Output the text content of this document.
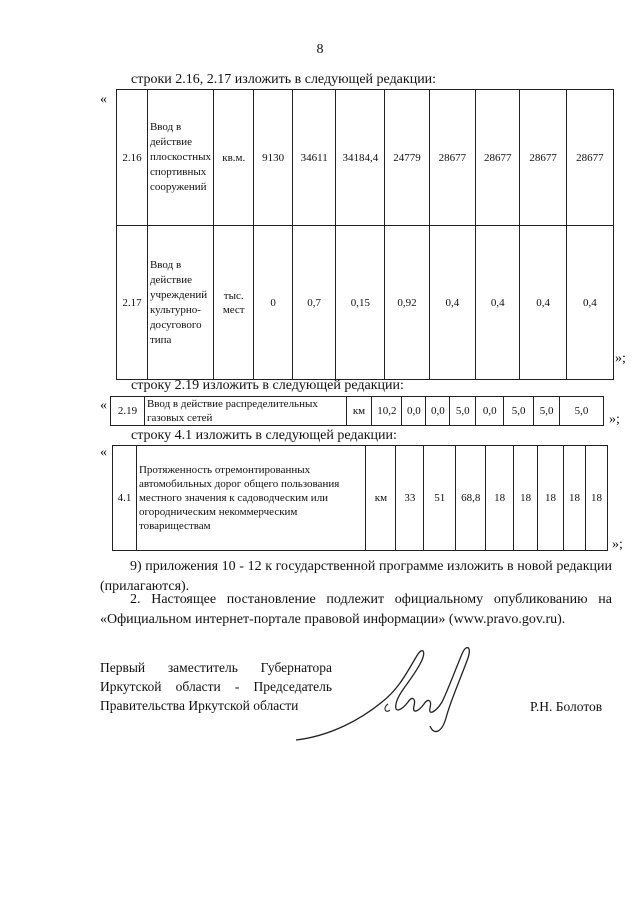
8
строки 2.16, 2.17 изложить в следующей редакции:
«
2.16	Ввод в действие плоскостных спортивных сооружений	кв.м.	9130	34611	34184,4	24779	28677	28677	28677	28677
2.17	Ввод в действие учреждений культурно-досугового типа	тыс. мест	0	0,7	0,15	0,92	0,4	0,4	0,4	0,4
»;
строку 2.19 изложить в следующей редакции:
« 2.19	Ввод в действие распределительных газовых сетей	км	10,2	0,0	0,0	5,0	0,0	5,0	5,0	5,0
»;
строку 4.1 изложить в следующей редакции:
«
4.1	Протяженность отремонтированных автомобильных дорог общего пользования местного значения к садоводческим или огородническим некоммерческим товариществам	км	33	51	68,8	18	18	18	18	18
»;
9) приложения 10 - 12 к государственной программе изложить в новой редакции (прилагаются).
2. Настоящее постановление подлежит официальному опубликованию на «Официальном интернет-портале правовой информации» (www.pravo.gov.ru).
Первый заместитель Губернатора
Иркутской области - Председатель
Правительства Иркутской области	Р.Н. Болотов
